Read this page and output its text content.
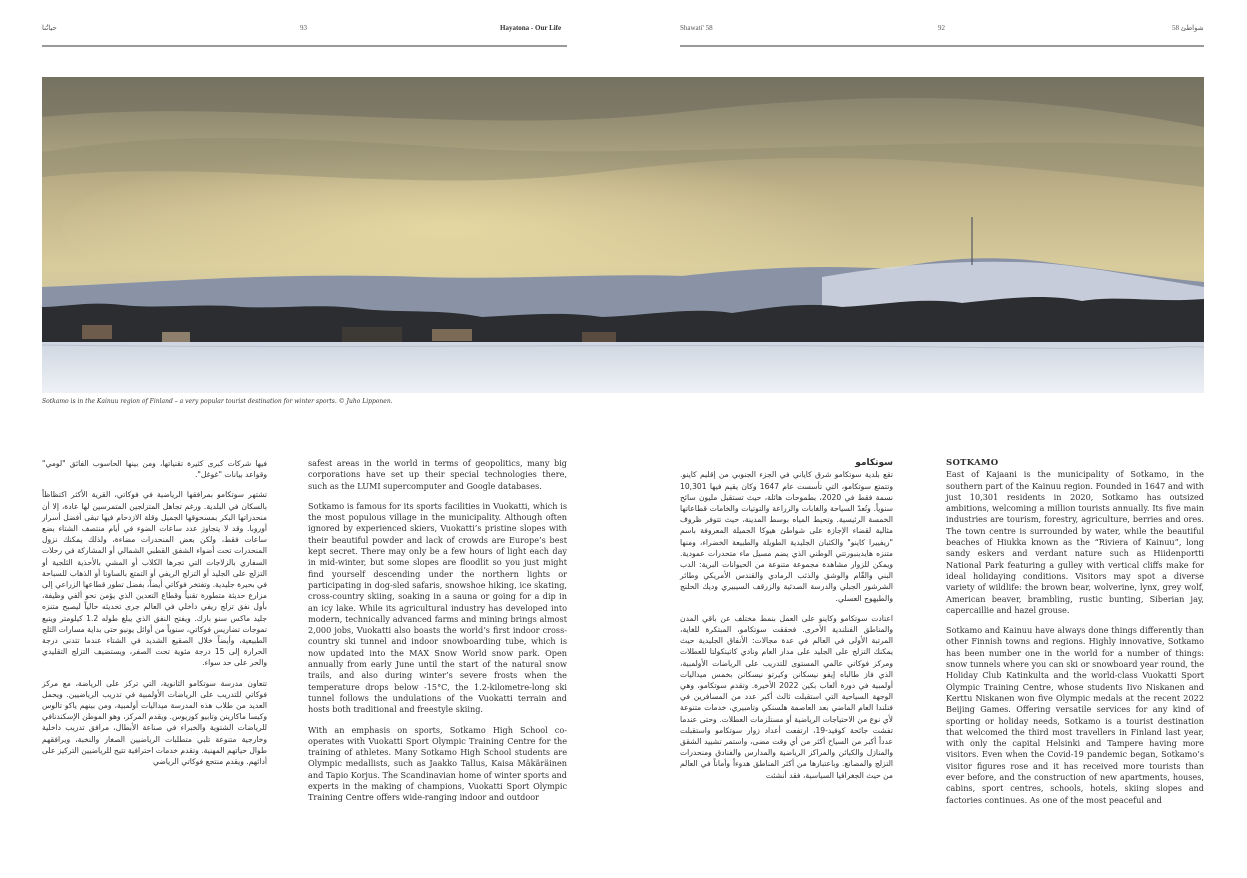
حياتُنا	93	Hayatona - Our Life	Shawati' 58	92	58 شواطئ
Sotkamo is in the Kainuu region of Finland – a very popular tourist destination for winter sports. © Juho Lipponen.

فيها شركات كبرى كثيرة تقنياتها، ومن بينها الحاسوب الفائق "لومي" وقواعد بيانات "غوغل".

تشتهر سوتكامو بمرافقها الرياضية في فوكاتي، القرية الأكثر اكتظاظاً بالسكان في البلدية. ورغم تجاهل المتزلجين المتمرسين لها عادة، إلا أن منحدراتها البكر بمسحوقها الجميل وقلة الازدحام فيها تبقى أفضل أسرار أوروبا. وقد لا يتجاوز عدد ساعات الضوء في أيام منتصف الشتاء بضع ساعات فقط، ولكن بعض المنحدرات مضاءة، ولذلك يمكنك نزول المنحدرات تحت أضواء الشفق القطبي الشمالي أو المشاركة في رحلات السفاري بالزلاجات التي تجرها الكلاب أو المشي بالأحذية الثلجية أو التزلج على الجليد أو التزلج الريفي أو التمتع بالساونا أو الذهاب للسباحة في بحيرة جليدية. وتفتخر فوكاتي أيضاً، بفضل تطور قطاعها الزراعي إلى مزارع حديثة متطورة تقنياً وقطاع التعدين الذي يؤمن نحو ألفي وظيفة، بأول نفق تزلج ريفي داخلي في العالم جرى تحديثه حالياً ليصبح متنزه جليد ماكس سنو بارك. ويفتح النفق الذي يبلغ طوله 1.2 كيلومتر ويتبع تموجات تضاريس فوكاتي، سنوياً من أوائل يونيو حتى بداية مسارات الثلج الطبيعية، وأيضاً خلال الصقيع الشديد في الشتاء عندما تتدنى درجة الحرارة إلى 15 درجة مئوية تحت الصفر، ويستضيف التزلج التقليدي والحر على حد سواء.

تتعاون مدرسة سوتكامو الثانوية، التي تركز على الرياضة، مع مركز فوكاتي للتدريب على الرياضات الأولمبية في تدريب الرياضيين. ويحمل العديد من طلاب هذه المدرسة ميداليات أولمبية، ومن بينهم ياكو تالوس وكيسا ماكارينن وتابيو كوريوس. ويقدم المركز، وهو الموطن الإسكندنافي للرياضات الشتوية والخبراء في صناعة الأبطال، مرافق تدريب داخلية وخارجية متنوعة تلبي متطلبات الرياضيين الصغار والنخبة، ويرافقهم طوال حياتهم المهنية. وتقدم خدمات احترافية تتيح للرياضيين التركيز على أدائهم. ويقدم منتجع فوكاتي الرياضي

safest areas in the world in terms of geopolitics, many big corporations have set up their special technologies there, such as the LUMI supercomputer and Google databases.

Sotkamo is famous for its sports facilities in Vuokatti, which is the most populous village in the municipality. Although often ignored by experienced skiers, Vuokatti’s pristine slopes with their beautiful powder and lack of crowds are Europe’s best kept secret. There may only be a few hours of light each day in mid-winter, but some slopes are floodlit so you just might find yourself descending under the northern lights or participating in dog-sled safaris, snowshoe hiking, ice skating, cross-country skiing, soaking in a sauna or going for a dip in an icy lake. While its agricultural industry has developed into modern, technically advanced farms and mining brings almost 2,000 jobs, Vuokatti also boasts the world’s first indoor cross-country ski tunnel and indoor snowboarding tube, which is now updated into the MAX Snow World snow park. Open annually from early June until the start of the natural snow trails, and also during winter’s severe frosts when the temperature drops below -15°C, the 1.2-kilometre-long ski tunnel follows the undulations of the Vuokatti terrain and hosts both traditional and freestyle skiing.

With an emphasis on sports, Sotkamo High School co-operates with Vuokatti Sport Olympic Training Centre for the training of athletes. Many Sotkamo High School students are Olympic medallists, such as Jaakko Tallus, Kaisa Mäkäräinen and Tapio Korjus. The Scandinavian home of winter sports and experts in the making of champions, Vuokatti Sport Olympic Training Centre offers wide-ranging indoor and outdoor

سوتكامو

تقع بلدية سوتكامو شرق كاياني في الجزء الجنوبي من إقليم كاينو. وتتمتع سوتكامو، التي تأسست عام 1647 وكان يقيم فيها 10,301 نسمة فقط في 2020، بطموحات هائلة، حيث تستقبل مليون سائح سنوياً. وتُعدّ السياحة والغابات والزراعة والتوتيات والخامات قطاعاتها الخمسة الرئيسية. وتحيط المياه بوسط المدينة، حيث تتوفر ظروف مثالية لقضاء الإجازة على شواطئ هيوكا الجميلة المعروفة باسم "ريفييرا كاينو" والكثبان الجليدية الطويلة والطبيعة الخضراء، ومنها متنزه هايدينبورتتي الوطني الذي يضم مسيل ماء متحدرات عمودية. ويمكن للزوار مشاهدة مجموعة متنوعة من الحيوانات البرية: الدب البني والقّام والوشق والذئب الرمادي والقندس الأمريكي وطائر الشرشور الجبلي والدرسة الصدئية والزرقف السيبيري وديك الحلنج والطيهوج العسلي.

اعتادت سوتكامو وكاينو على العمل بنمط مختلف عن باقي المدن والمناطق الفنلندية الأخرى. فحققت سوتكامو، المبتكرة للغاية، المرتبة الأولى في العالم في عدة مجالات: الأنفاق الجليدية حيث يمكنك التزلج على الجليد على مدار العام ونادي كاتينكولتا للعطلات ومركز فوكاتي عالمي المستوى للتدريب على الرياضات الأولمبية، الذي فاز طالباه إيفو نيسكانن وكيرتو نيسكانن بخمس ميداليات أولمبية في دورة ألعاب بكين 2022 الأخيرة. وتقدم سوتكامو، وهي الوجهة السياحية التي استقبلت ثالث أكبر عدد من المسافرين في فنلندا العام الماضي بعد العاصمة هلسنكي وتامبيري، خدمات متنوعة لأي نوع من الاحتياجات الرياضية أو مستلزمات العطلات. وحتى عندما تفشت جائحة كوفيد-19، ارتفعت أعداد زوار سوتكامو واستقبلت عدداً أكبر من السياح أكثر من أي وقت مضى، واستمر تشييد الشقق والمنازل والكبائن والمراكز الرياضية والمدارس والفنادق ومنحدرات التزلج والمصانع. وباعتبارها من أكثر المناطق هدوءاً وأماناً في العالم من حيث الجغرافيا السياسية، فقد أنشئت

SOTKAMO

East of Kajaani is the municipality of Sotkamo, in the southern part of the Kainuu region. Founded in 1647 and with just 10,301 residents in 2020, Sotkamo has outsized ambitions, welcoming a million tourists annually. Its five main industries are tourism, forestry, agriculture, berries and ores. The town centre is surrounded by water, while the beautiful beaches of Hiukka known as the “Riviera of Kainuu”, long sandy eskers and verdant nature such as Hiidenportti National Park featuring a gulley with vertical cliffs make for ideal holidaying conditions. Visitors may spot a diverse variety of wildlife: the brown bear, wolverine, lynx, grey wolf, American beaver, brambling, rustic bunting, Siberian jay, capercaillie and hazel grouse.

Sotkamo and Kainuu have always done things differently than other Finnish towns and regions. Highly innovative, Sotkamo has been number one in the world for a number of things: snow tunnels where you can ski or snowboard year round, the Holiday Club Katinkulta and the world-class Vuokatti Sport Olympic Training Centre, whose students Iivo Niskanen and Kerttu Niskanen won five Olympic medals at the recent 2022 Beijing Games. Offering versatile services for any kind of sporting or holiday needs, Sotkamo is a tourist destination that welcomed the third most travellers in Finland last year, with only the capital Helsinki and Tampere having more visitors. Even when the Covid-19 pandemic began, Sotkamo’s visitor figures rose and it has received more tourists than ever before, and the construction of new apartments, houses, cabins, sport centres, schools, hotels, skiing slopes and factories continues. As one of the most peaceful and
